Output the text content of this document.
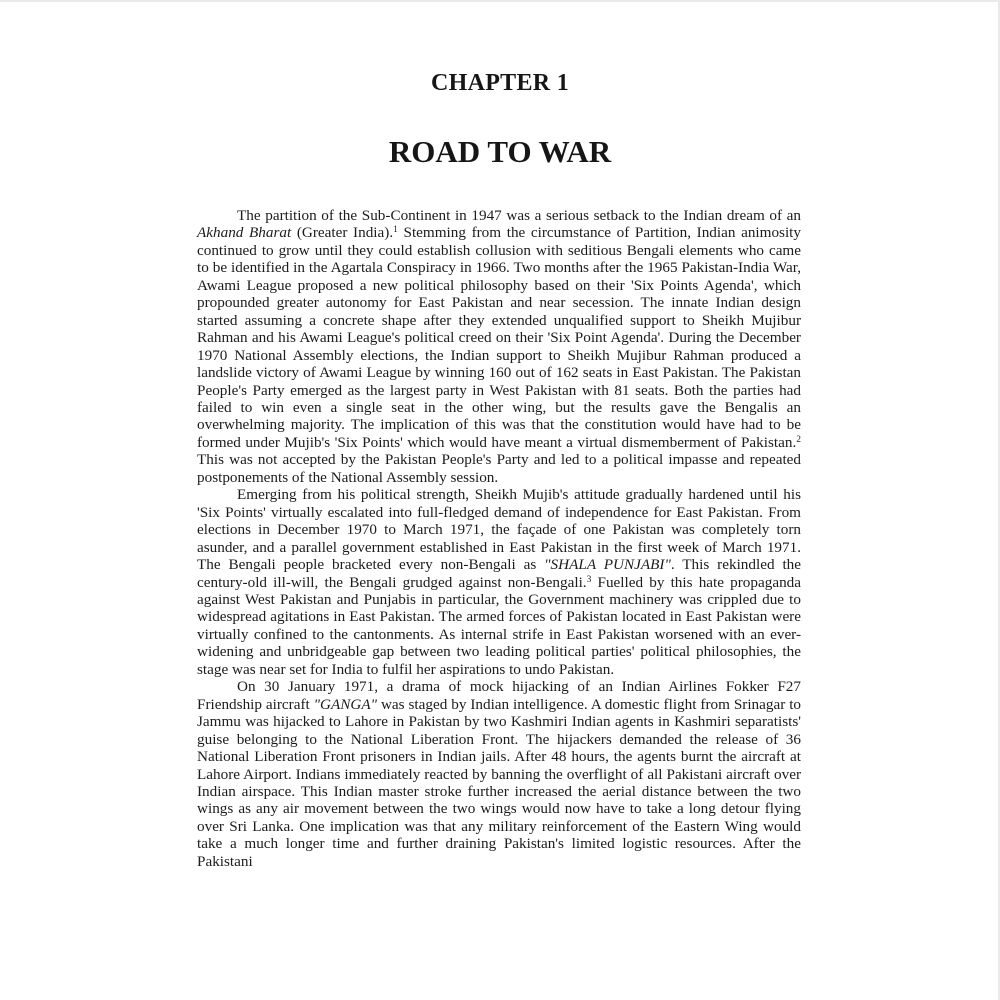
CHAPTER 1
ROAD TO WAR

The partition of the Sub-Continent in 1947 was a serious setback to the Indian dream of an Akhand Bharat (Greater India).$^1$ Stemming from the circumstance of Partition, Indian animosity continued to grow until they could establish collusion with seditious Bengali elements who came to be identified in the Agartala Conspiracy in 1966. Two months after the 1965 Pakistan-India War, Awami League proposed a new political philosophy based on their 'Six Points Agenda', which propounded greater autonomy for East Pakistan and near secession. The innate Indian design started assuming a concrete shape after they extended unqualified support to Sheikh Mujibur Rahman and his Awami League's political creed on their 'Six Point Agenda'. During the December 1970 National Assembly elections, the Indian support to Sheikh Mujibur Rahman produced a landslide victory of Awami League by winning 160 out of 162 seats in East Pakistan. The Pakistan People's Party emerged as the largest party in West Pakistan with 81 seats. Both the parties had failed to win even a single seat in the other wing, but the results gave the Bengalis an overwhelming majority. The implication of this was that the constitution would have had to be formed under Mujib's 'Six Points' which would have meant a virtual dismemberment of Pakistan.$^2$ This was not accepted by the Pakistan People's Party and led to a political impasse and repeated postponements of the National Assembly session.

Emerging from his political strength, Sheikh Mujib's attitude gradually hardened until his 'Six Points' virtually escalated into full-fledged demand of independence for East Pakistan. From elections in December 1970 to March 1971, the façade of one Pakistan was completely torn asunder, and a parallel government established in East Pakistan in the first week of March 1971. The Bengali people bracketed every non-Bengali as "SHALA PUNJABI". This rekindled the century-old ill-will, the Bengali grudged against non-Bengali.$^3$ Fuelled by this hate propaganda against West Pakistan and Punjabis in particular, the Government machinery was crippled due to widespread agitations in East Pakistan. The armed forces of Pakistan located in East Pakistan were virtually confined to the cantonments. As internal strife in East Pakistan worsened with an ever-widening and unbridgeable gap between two leading political parties' political philosophies, the stage was near set for India to fulfil her aspirations to undo Pakistan.

On 30 January 1971, a drama of mock hijacking of an Indian Airlines Fokker F27 Friendship aircraft "GANGA" was staged by Indian intelligence. A domestic flight from Srinagar to Jammu was hijacked to Lahore in Pakistan by two Kashmiri Indian agents in Kashmiri separatists' guise belonging to the National Liberation Front. The hijackers demanded the release of 36 National Liberation Front prisoners in Indian jails. After 48 hours, the agents burnt the aircraft at Lahore Airport. Indians immediately reacted by banning the overflight of all Pakistani aircraft over Indian airspace. This Indian master stroke further increased the aerial distance between the two wings as any air movement between the two wings would now have to take a long detour flying over Sri Lanka. One implication was that any military reinforcement of the Eastern Wing would take a much longer time and further draining Pakistan's limited logistic resources. After the Pakistani
